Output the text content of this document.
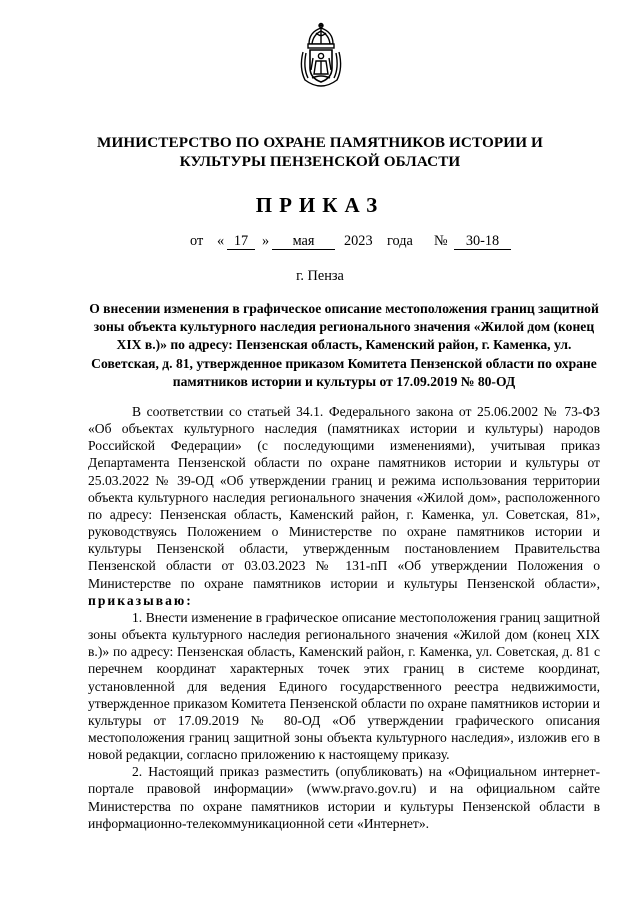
МИНИСТЕРСТВО ПО ОХРАНЕ ПАМЯТНИКОВ ИСТОРИИ И КУЛЬТУРЫ ПЕНЗЕНСКОЙ ОБЛАСТИ
ПРИКАЗ
от « 17 »	мая	2023 года №	30-18
г. Пенза
О внесении изменения в графическое описание местоположения границ защитной зоны объекта культурного наследия регионального значения «Жилой дом (конец XIX в.)» по адресу: Пензенская область, Каменский район, г. Каменка, ул. Советская, д. 81, утвержденное приказом Комитета Пензенской области по охране памятников истории и культуры от 17.09.2019 № 80-ОД

В соответствии со статьей 34.1. Федерального закона от 25.06.2002 № 73-ФЗ «Об объектах культурного наследия (памятниках истории и культуры) народов Российской Федерации» (с последующими изменениями), учитывая приказ Департамента Пензенской области по охране памятников истории и культуры от 25.03.2022 № 39-ОД «Об утверждении границ и режима использования территории объекта культурного наследия регионального значения «Жилой дом», расположенного по адресу: Пензенская область, Каменский район, г. Каменка, ул. Советская, 81», руководствуясь Положением о Министерстве по охране памятников истории и культуры Пензенской области, утвержденным постановлением Правительства Пензенской области от 03.03.2023 № 131-пП «Об утверждении Положения о Министерстве по охране памятников истории и культуры Пензенской области», приказываю:

1. Внести изменение в графическое описание местоположения границ защитной зоны объекта культурного наследия регионального значения «Жилой дом (конец XIX в.)» по адресу: Пензенская область, Каменский район, г. Каменка, ул. Советская, д. 81 с перечнем координат характерных точек этих границ в системе координат, установленной для ведения Единого государственного реестра недвижимости, утвержденное приказом Комитета Пензенской области по охране памятников истории и культуры от 17.09.2019 № 80-ОД «Об утверждении графического описания местоположения границ защитной зоны объекта культурного наследия», изложив его в новой редакции, согласно приложению к настоящему приказу.

2. Настоящий приказ разместить (опубликовать) на «Официальном интернет-портале правовой информации» (www.pravo.gov.ru) и на официальном сайте Министерства по охране памятников истории и культуры Пензенской области в информационно-телекоммуникационной сети «Интернет».
